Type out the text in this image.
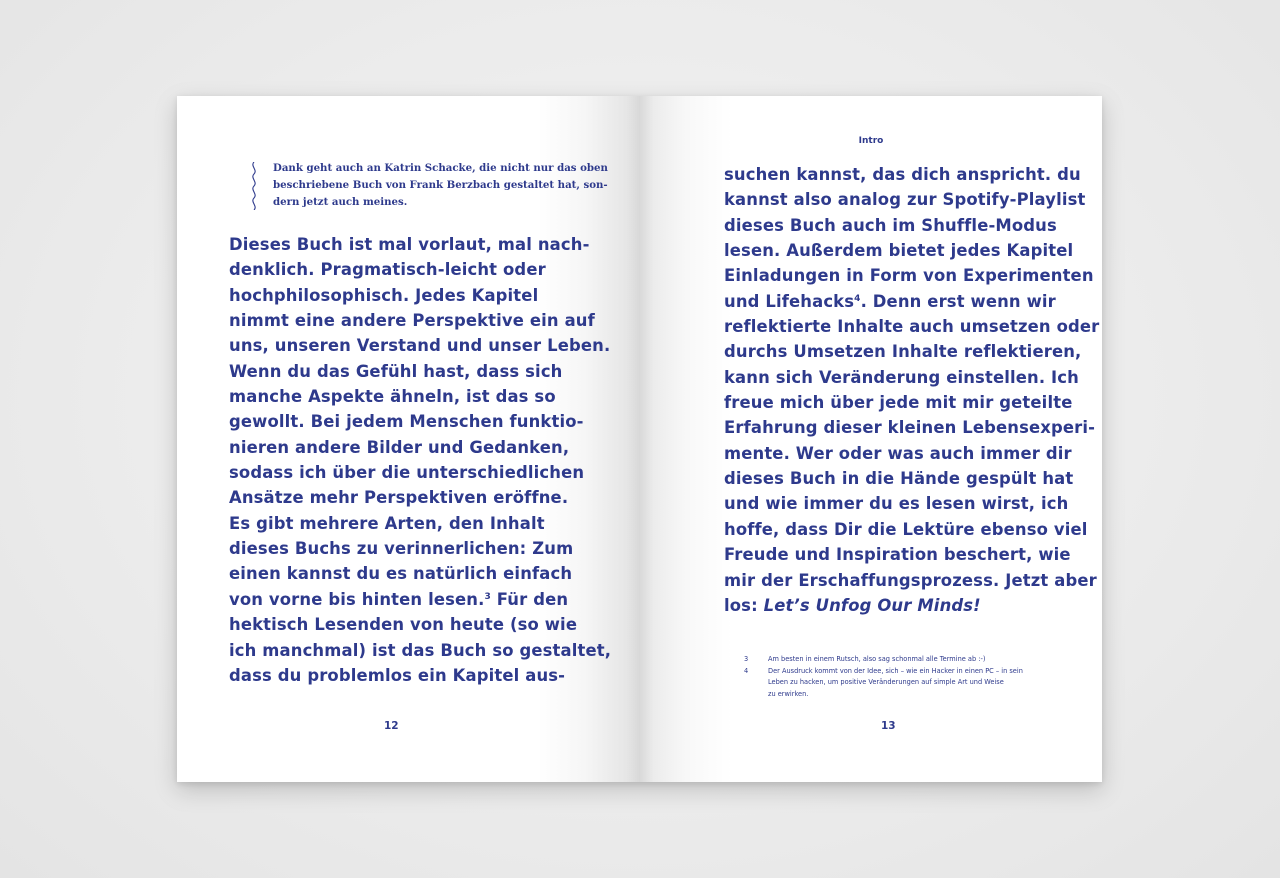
Dank geht auch an Katrin Schacke, die nicht nur das oben
beschriebene Buch von Frank Berzbach gestaltet hat, son-
dern jetzt auch meines.

Dieses Buch ist mal vorlaut, mal nach-
denklich. Pragmatisch-leicht oder
hochphilosophisch. Jedes Kapitel
nimmt eine andere Perspektive ein auf
uns, unseren Verstand und unser Leben.
Wenn du das Gefühl hast, dass sich
manche Aspekte ähneln, ist das so
gewollt. Bei jedem Menschen funktio-
nieren andere Bilder und Gedanken,
sodass ich über die unterschiedlichen
Ansätze mehr Perspektiven eröffne.
Es gibt mehrere Arten, den Inhalt
dieses Buchs zu verinnerlichen: Zum
einen kannst du es natürlich einfach
von vorne bis hinten lesen.$^3$ Für den
hektisch Lesenden von heute (so wie
ich manchmal) ist das Buch so gestaltet,
dass du problemlos ein Kapitel aus-

Intro

suchen kannst, das dich anspricht. du
kannst also analog zur Spotify-Playlist
dieses Buch auch im Shuffle-Modus
lesen. Außerdem bietet jedes Kapitel
Einladungen in Form von Experimenten
und Lifehacks$^4$. Denn erst wenn wir
reflektierte Inhalte auch umsetzen oder
durchs Umsetzen Inhalte reflektieren,
kann sich Veränderung einstellen. Ich
freue mich über jede mit mir geteilte
Erfahrung dieser kleinen Lebensexperi-
mente. Wer oder was auch immer dir
dieses Buch in die Hände gespült hat
und wie immer du es lesen wirst, ich
hoffe, dass Dir die Lektüre ebenso viel
Freude und Inspiration beschert, wie
mir der Erschaffungsprozess. Jetzt aber
los: Let’s Unfog Our Minds!

3	Am besten in einem Rutsch, also sag schonmal alle Termine ab :-)
4	Der Ausdruck kommt von der Idee, sich – wie ein Hacker in einen PC – in sein
Leben zu hacken, um positive Veränderungen auf simple Art und Weise
zu erwirken.
12	13
